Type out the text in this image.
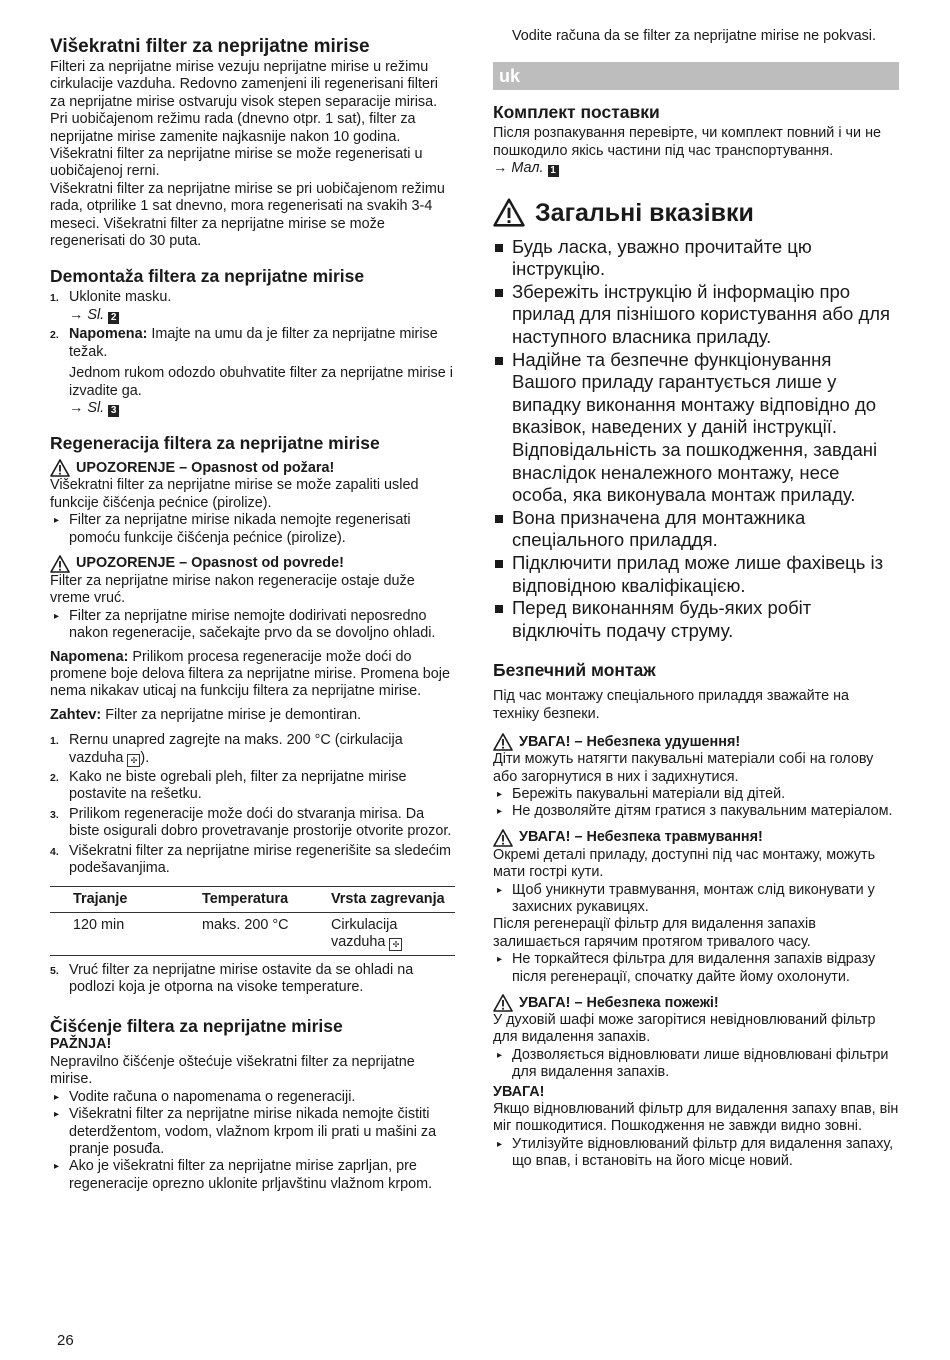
Višekratni filter za neprijatne mirise

Filteri za neprijatne mirise vezuju neprijatne mirise u režimu cirkulacije vazduha. Redovno zamenjeni ili regenerisani filteri za neprijatne mirise ostvaruju visok stepen separacije mirisa.

Pri uobičajenom režimu rada (dnevno otpr. 1 sat), filter za neprijatne mirise zamenite najkasnije nakon 10 godina.

Višekratni filter za neprijatne mirise se može regenerisati u uobičajenoj rerni.

Višekratni filter za neprijatne mirise se pri uobičajenom režimu rada, otprilike 1 sat dnevno, mora regenerisati na svakih 3-4 meseci. Višekratni filter za neprijatne mirise se može regenerisati do 30 puta.

Demontaža filtera za neprijatne mirise
1. Uklonite masku.
→ Sl. 2
2. Napomena: Imajte na umu da je filter za neprijatne mirise težak.
Jednom rukom odozdo obuhvatite filter za neprijatne mirise i izvadite ga.
→ Sl. 3
Regeneracija filtera za neprijatne mirise
UPOZORENJE – Opasnost od požara!

Višekratni filter za neprijatne mirise se može zapaliti usled funkcije čišćenja pećnice (pirolize).

▸ Filter za neprijatne mirise nikada nemojte regenerisati pomoću funkcije čišćenja pećnice (pirolize).
UPOZORENJE – Opasnost od povrede!

Filter za neprijatne mirise nakon regeneracije ostaje duže vreme vruć.

▸ Filter za neprijatne mirise nemojte dodirivati neposredno nakon regeneracije, sačekajte prvo da se dovoljno ohladi.

Napomena: Prilikom procesa regeneracije može doći do promene boje delova filtera za neprijatne mirise. Promena boje nema nikakav uticaj na funkciju filtera za neprijatne mirise.

Zahtev: Filter za neprijatne mirise je demontiran.

1. Rernu unapred zagrejte na maks. 200 °C (cirkulacija vazduha ✣ ).
2. Kako ne biste ogrebali pleh, filter za neprijatne mirise postavite na rešetku.
3. Prilikom regeneracije može doći do stvaranja mirisa. Da biste osigurali dobro provetravanje prostorije otvorite prozor.
4. Višekratni filter za neprijatne mirise regenerišite sa sledećim podešavanjima.
Trajanje	Temperatura	Vrsta zagrevanja
120 min	maks. 200 °C	Cirkulacija vazduha ✣
5. Vruć filter za neprijatne mirise ostavite da se ohladi na podlozi koja je otporna na visoke temperature.
Čišćenje filtera za neprijatne mirise

PAŽNJA!

Nepravilno čišćenje oštećuje višekratni filter za neprijatne mirise.

▸ Vodite računa o napomenama o regeneraciji.
▸ Višekratni filter za neprijatne mirise nikada nemojte čistiti deterdžentom, vodom, vlažnom krpom ili prati u mašini za pranje posuđa.
▸ Ako je višekratni filter za neprijatne mirise zaprljan, pre regeneracije oprezno uklonite prljavštinu vlažnom krpom.

Vodite računa da se filter za neprijatne mirise ne pokvasi.

uk
Комплект поставки

Після розпакування перевірте, чи комплект повний і чи не пошкодило якісь частини під час транспортування.

→ Мал. 1

Загальні вказівки
Будь ласка, уважно прочитайте цю інструкцію.
Збережіть інструкцію й інформацію про прилад для пізнішого користування або для наступного власника приладу.
Надійне та безпечне функціонування Вашого приладу гарантується лише у випадку виконання монтажу відповідно до вказівок, наведених у даній інструкції. Відповідальність за пошкодження, завдані внаслідок неналежного монтажу, несе особа, яка виконувала монтаж приладу.
Вона призначена для монтажника спеціального приладдя.
Підключити прилад може лише фахівець із відповідною кваліфікацією.
Перед виконанням будь-яких робіт відключіть подачу струму.
Безпечний монтаж

Під час монтажу спеціального приладдя зважайте на техніку безпеки.

УВАГА! – Небезпека удушення!

Діти можуть натягти пакувальні матеріали собі на голову або загорнутися в них і задихнутися.

▸ Бережіть пакувальні матеріали від дітей.
▸ Не дозволяйте дітям гратися з пакувальним матеріалом.
УВАГА! – Небезпека травмування!

Окремі деталі приладу, доступні під час монтажу, можуть мати гострі кути.

▸ Щоб уникнути травмування, монтаж слід виконувати у захисних рукавицях.

Після регенерації фільтр для видалення запахів залишається гарячим протягом тривалого часу.

▸ Не торкайтеся фільтра для видалення запахів відразу після регенерації, спочатку дайте йому охолонути.
УВАГА! – Небезпека пожежі!

У духовій шафі може загорітися невідновлюваний фільтр для видалення запахів.

▸ Дозволяється відновлювати лише відновлювані фільтри для видалення запахів.

УВАГА!

Якщо відновлюваний фільтр для видалення запаху впав, він міг пошкодитися. Пошкодження не завжди видно зовні.

▸ Утилізуйте відновлюваний фільтр для видалення запаху, що впав, і встановіть на його місце новий.
26
